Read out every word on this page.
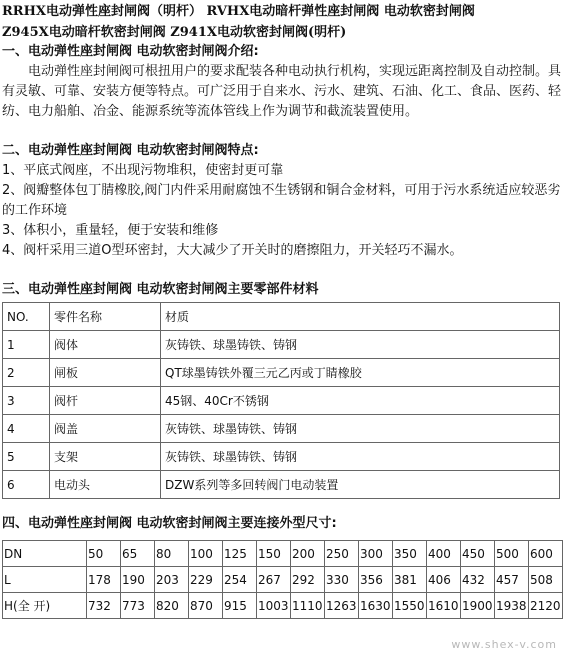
RRHX电动弹性座封闸阀（明杆） RVHX电动暗杆弹性座封闸阀 电动软密封闸阀

Z945X电动暗杆软密封闸阀 Z941X电动软密封闸阀(明杆)

一、电动弹性座封闸阀 电动软密封闸阀介绍:

电动弹性座封闸阀可根扭用户的要求配装各种电动执行机构，实现远距离控制及自动控制。具有灵敏、可靠、安装方便等特点。可广泛用于自来水、污水、建筑、石油、化工、食品、医药、轻纺、电力船舶、冶金、能源系统等流体管线上作为调节和截流装置使用。

二、电动弹性座封闸阀 电动软密封闸阀特点:

1、平底式阀座，不出现污物堆积，使密封更可靠

2、阀瓣整体包丁腈橡胶,阀门内件采用耐腐蚀不生锈钢和铜合金材料，可用于污水系统适应较恶劣的工作环境

3、体积小，重量轻，便于安装和维修

4、阀杆采用三道O型环密封，大大减少了开关时的磨擦阻力，开关轻巧不漏水。

三、电动弹性座封闸阀 电动软密封闸阀主要零部件材料

NO.	零件名称	材质
1	阀体	灰铸铁、球墨铸铁、铸钢
2	闸板	QT球墨铸铁外覆三元乙丙或丁睛橡胶
3	阀杆	45钢、40Cr不锈钢
4	阀盖	灰铸铁、球墨铸铁、铸钢
5	支架	灰铸铁、球墨铸铁、铸钢
6	电动头	DZW系列等多回转阀门电动装置

四、电动弹性座封闸阀 电动软密封闸阀主要连接外型尺寸:

DN	50	65	80	100	125	150	200	250	300	350	400	450	500	600
L	178	190	203	229	254	267	292	330	356	381	406	432	457	508
H(全 开)	732	773	820	870	915	1003	1110	1263	1630	1550	1610	1900	1938	2120
www.shex-v.com
